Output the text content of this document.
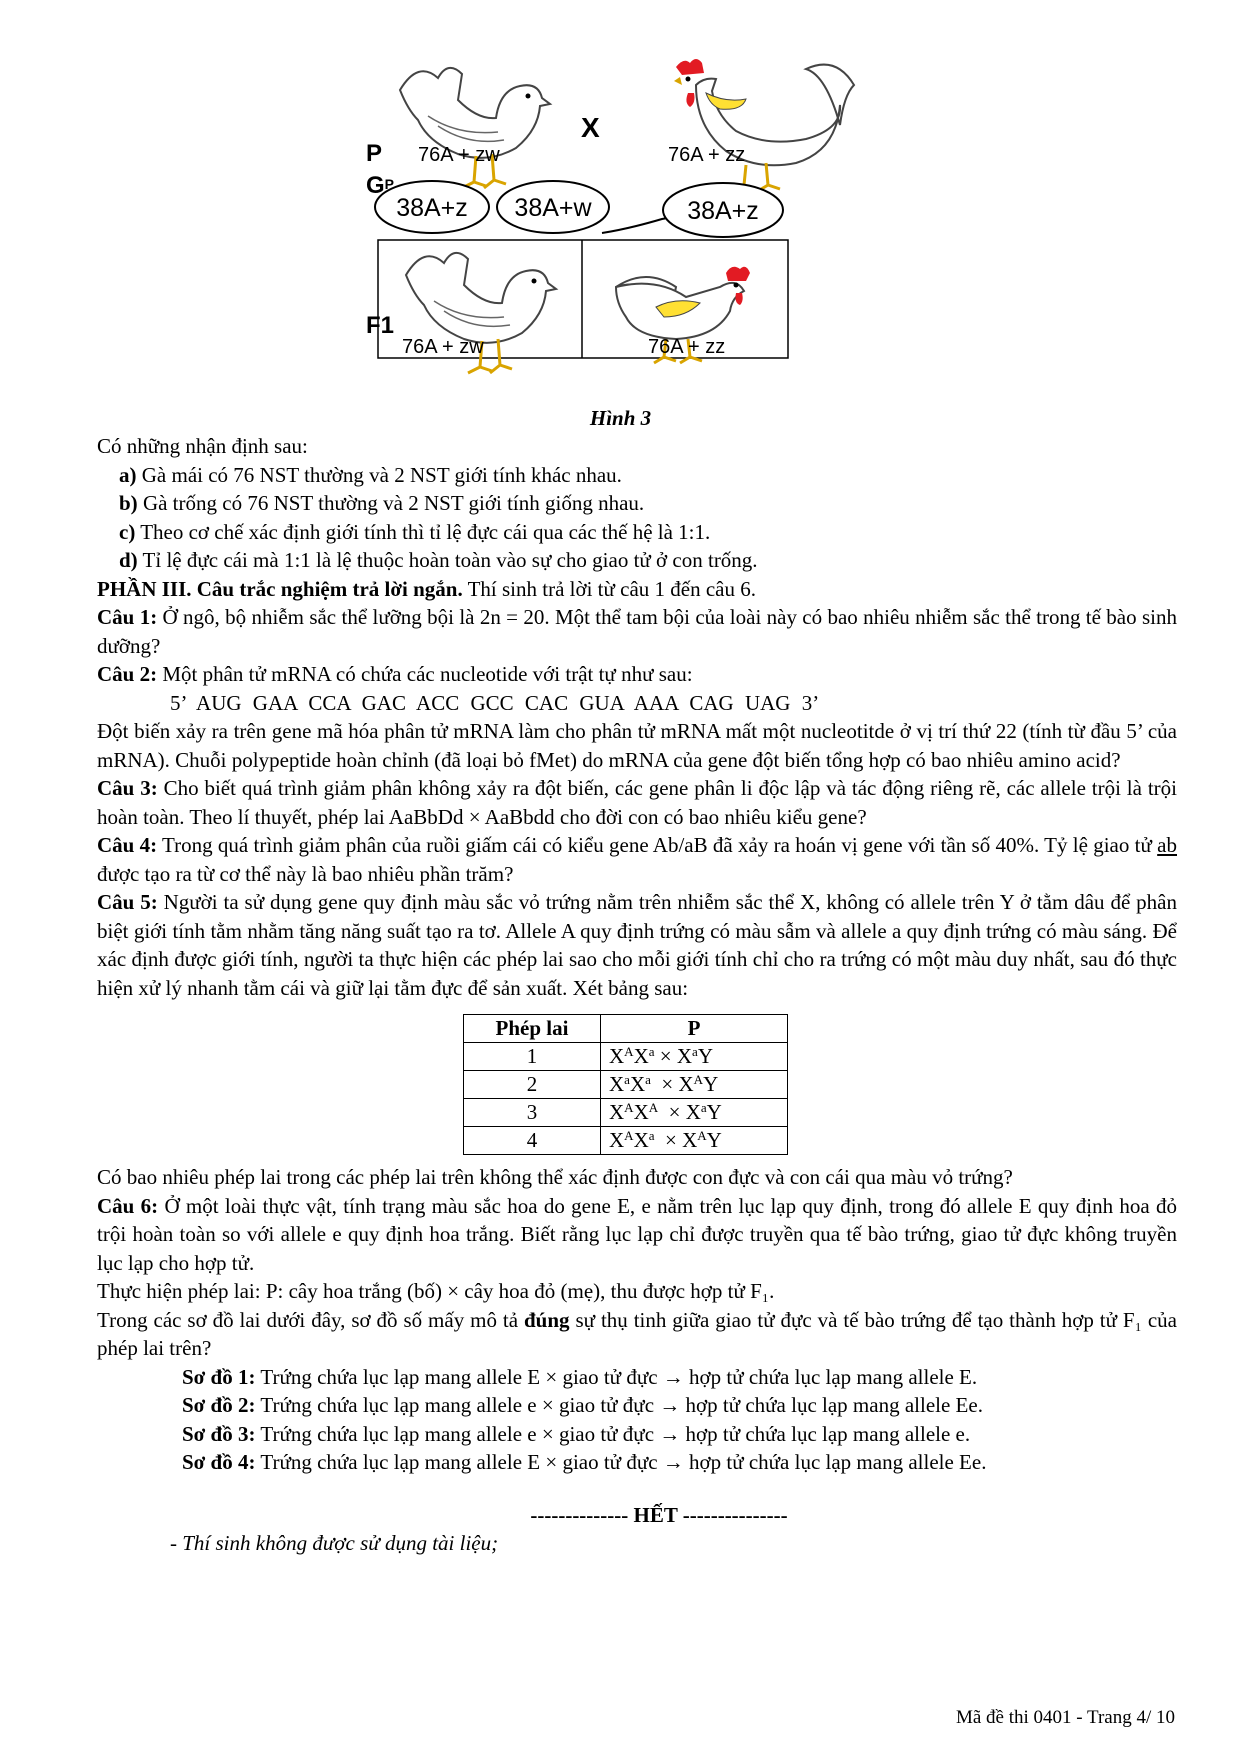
X
P 76A + zw	76A + zz
GP
38A+z 38A+w	38A+z
F1
76A + zw	76A + zz
Hình 3

Có những nhận định sau:

a) Gà mái có 76 NST thường và 2 NST giới tính khác nhau.

b) Gà trống có 76 NST thường và 2 NST giới tính giống nhau.

c) Theo cơ chế xác định giới tính thì tỉ lệ đực cái qua các thế hệ là 1:1.

d) Tỉ lệ đực cái mà 1:1 là lệ thuộc hoàn toàn vào sự cho giao tử ở con trống.

PHẦN III. Câu trắc nghiệm trả lời ngắn. Thí sinh trả lời từ câu 1 đến câu 6.

Câu 1: Ở ngô, bộ nhiễm sắc thể lưỡng bội là 2n = 20. Một thể tam bội của loài này có bao nhiêu nhiễm sắc thể trong tế bào sinh dưỡng?

Câu 2: Một phân tử mRNA có chứa các nucleotide với trật tự như sau:

5’ AUG GAA CCA GAC ACC GCC CAC GUA AAA CAG UAG 3’

Đột biến xảy ra trên gene mã hóa phân tử mRNA làm cho phân tử mRNA mất một nucleotitde ở vị trí thứ 22 (tính từ đầu 5’ của mRNA). Chuỗi polypeptide hoàn chỉnh (đã loại bỏ fMet) do mRNA của gene đột biến tổng hợp có bao nhiêu amino acid?

Câu 3: Cho biết quá trình giảm phân không xảy ra đột biến, các gene phân li độc lập và tác động riêng rẽ, các allele trội là trội hoàn toàn. Theo lí thuyết, phép lai AaBbDd × AaBbdd cho đời con có bao nhiêu kiểu gene?

Câu 4: Trong quá trình giảm phân của ruồi giấm cái có kiểu gene Ab/aB đã xảy ra hoán vị gene với tần số 40%. Tỷ lệ giao tử ab được tạo ra từ cơ thể này là bao nhiêu phần trăm?

Câu 5: Người ta sử dụng gene quy định màu sắc vỏ trứng nằm trên nhiễm sắc thể X, không có allele trên Y ở tằm dâu để phân biệt giới tính tằm nhằm tăng năng suất tạo ra tơ. Allele A quy định trứng có màu sẫm và allele a quy định trứng có màu sáng. Để xác định được giới tính, người ta thực hiện các phép lai sao cho mỗi giới tính chỉ cho ra trứng có một màu duy nhất, sau đó thực hiện xử lý nhanh tằm cái và giữ lại tằm đực để sản xuất. Xét bảng sau:

Phép lai	P
1	$X^AX^a \times X^aY$
2	$X^aX^a \times X^AY$
3	$X^AX^A \times X^aY$
4	$X^AX^a \times X^AY$

Có bao nhiêu phép lai trong các phép lai trên không thể xác định được con đực và con cái qua màu vỏ trứng?

Câu 6: Ở một loài thực vật, tính trạng màu sắc hoa do gene E, e nằm trên lục lạp quy định, trong đó allele E quy định hoa đỏ trội hoàn toàn so với allele e quy định hoa trắng. Biết rằng lục lạp chỉ được truyền qua tế bào trứng, giao tử đực không truyền lục lạp cho hợp tử.

Thực hiện phép lai: P: cây hoa trắng (bố) × cây hoa đỏ (mẹ), thu được hợp tử F₁.

Trong các sơ đồ lai dưới đây, sơ đồ số mấy mô tả đúng sự thụ tinh giữa giao tử đực và tế bào trứng để tạo thành hợp tử F₁ của phép lai trên?

Sơ đồ 1: Trứng chứa lục lạp mang allele E × giao tử đực → hợp tử chứa lục lạp mang allele E.

Sơ đồ 2: Trứng chứa lục lạp mang allele e × giao tử đực → hợp tử chứa lục lạp mang allele Ee.

Sơ đồ 3: Trứng chứa lục lạp mang allele e × giao tử đực → hợp tử chứa lục lạp mang allele e.

Sơ đồ 4: Trứng chứa lục lạp mang allele E × giao tử đực → hợp tử chứa lục lạp mang allele Ee.

-------------- HẾT ---------------

- Thí sinh không được sử dụng tài liệu;

Mã đề thi 0401 - Trang 4/ 10
